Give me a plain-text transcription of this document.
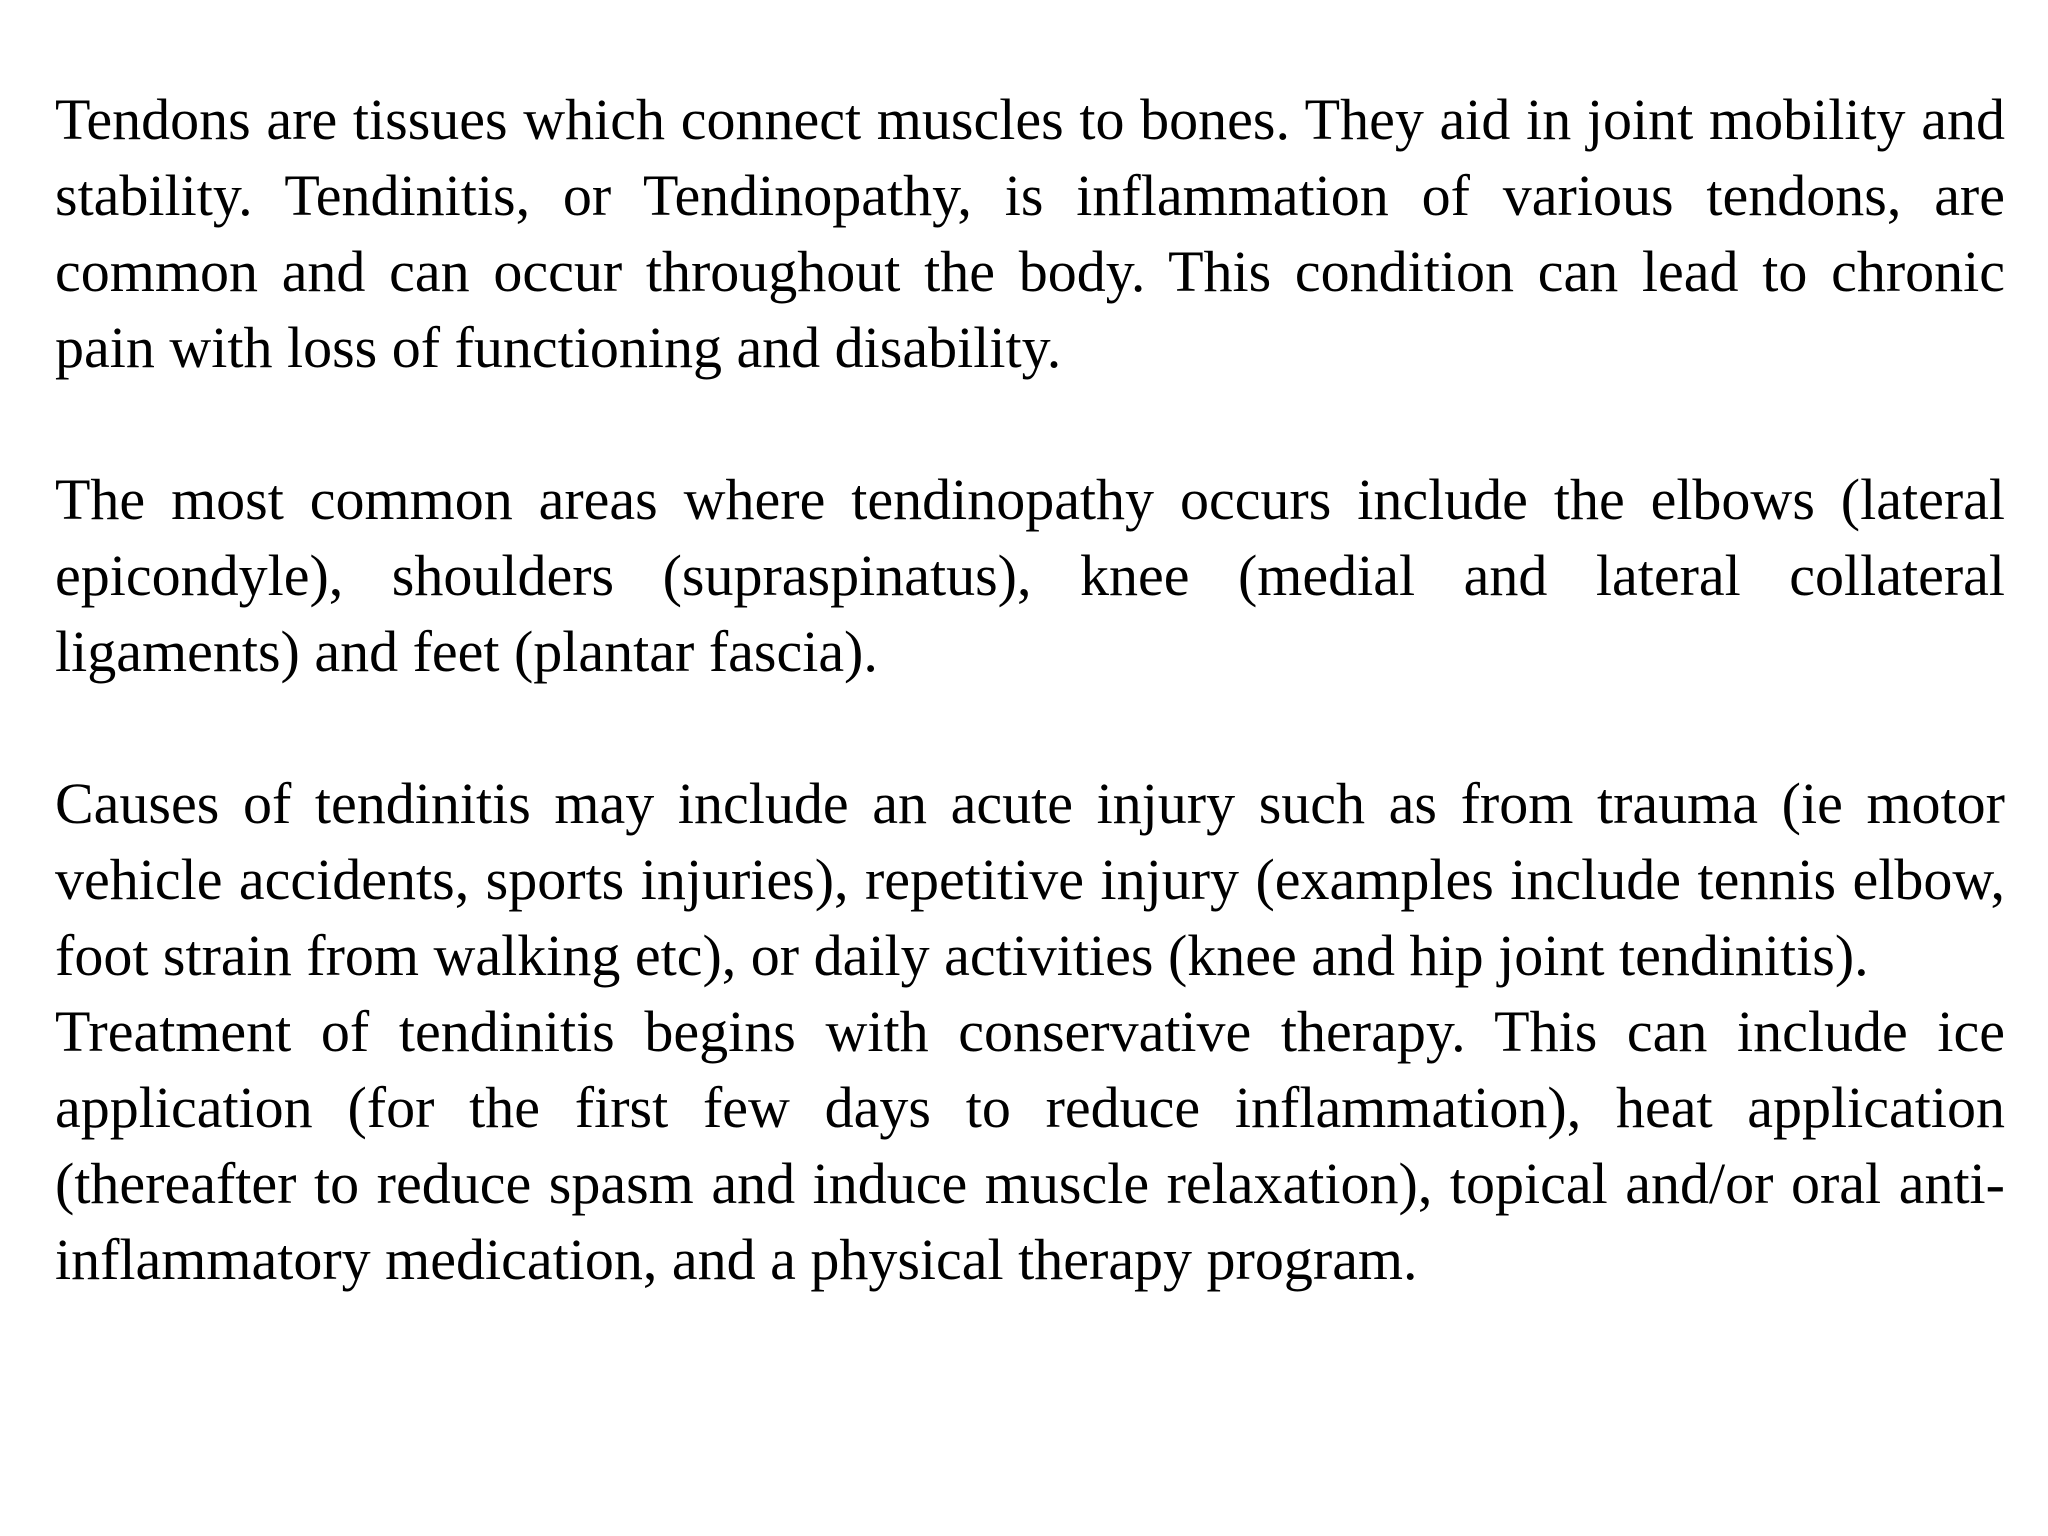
Tendons are tissues which connect muscles to bones. They aid in joint mobility and stability. Tendinitis, or Tendinopathy, is inflammation of various tendons, are common and can occur throughout the body. This condition can lead to chronic pain with loss of functioning and disability.

The most common areas where tendinopathy occurs include the elbows (lateral epicondyle), shoulders (supraspinatus), knee (medial and lateral collateral ligaments) and feet (plantar fascia).

Causes of tendinitis may include an acute injury such as from trauma (ie motor vehicle accidents, sports injuries), repetitive injury (examples include tennis elbow, foot strain from walking etc), or daily activities (knee and hip joint tendinitis).

Treatment of tendinitis begins with conservative therapy. This can include ice application (for the first few days to reduce inflammation), heat application (thereafter to reduce spasm and induce muscle relaxation), topical and/or oral anti-inflammatory medication, and a physical therapy program.
